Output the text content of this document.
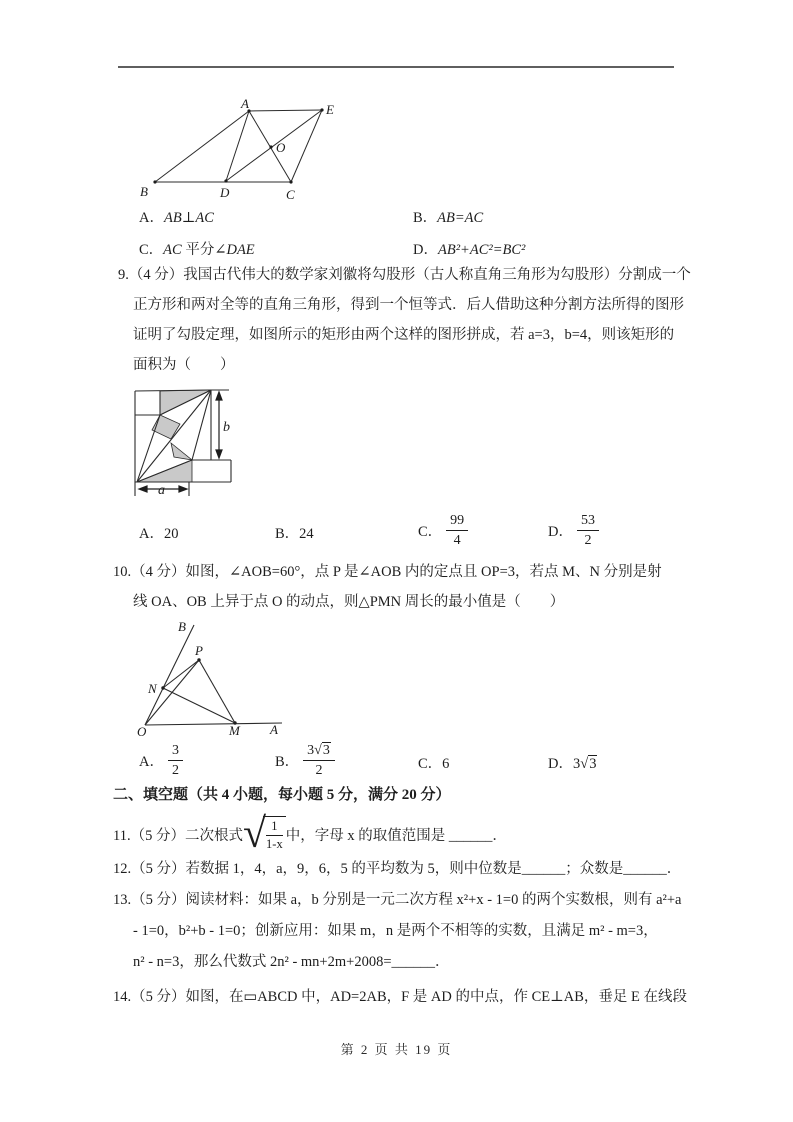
A	E
B	D	C
O
A．AB⊥AC	B．AB=AC
C．AC 平分∠DAE	D．AB²+AC²=BC²
9.（4 分）我国古代伟大的数学家刘徽将勾股形（古人称直角三角形为勾股形）分割成一个
正方形和两对全等的直角三角形，得到一个恒等式．后人借助这种分割方法所得的图形
证明了勾股定理，如图所示的矩形由两个这样的图形拼成，若 a=3，b=4，则该矩形的
面积为（　　）
b
a
A．20	B．24	C． $\frac{99}{4}$	D． $\frac{53}{2}$
10.（4 分）如图，∠AOB=60°，点 P 是∠AOB 内的定点且 OP=3，若点 M、N 分别是射
线 OA、OB 上异于点 O 的动点，则△PMN 周长的最小值是（　　）
B
P
N
O	M A
A． $\frac{3}{2}$	B． $\frac{3√3}{2}$	C．6	D．3√3
二、填空题（共 4 小题，每小题 5 分，满分 20 分）
11.（5 分）二次根式 √ $\frac{1}{1-x}$ 中，字母 x 的取值范围是 ______．
12.（5 分）若数据 1，4，a，9，6，5 的平均数为 5，则中位数是______；众数是______．
13.（5 分）阅读材料：如果 a，b 分别是一元二次方程 x²+x - 1=0 的两个实数根，则有 a²+a
- 1=0，b²+b - 1=0；创新应用：如果 m，n 是两个不相等的实数，且满足 m² - m=3，
n² - n=3，那么代数式 2n² - mn+2m+2008=______．
14.（5 分）如图，在▭ABCD 中，AD=2AB，F 是 AD 的中点，作 CE⊥AB，垂足 E 在线段
第 2 页 共 19 页
